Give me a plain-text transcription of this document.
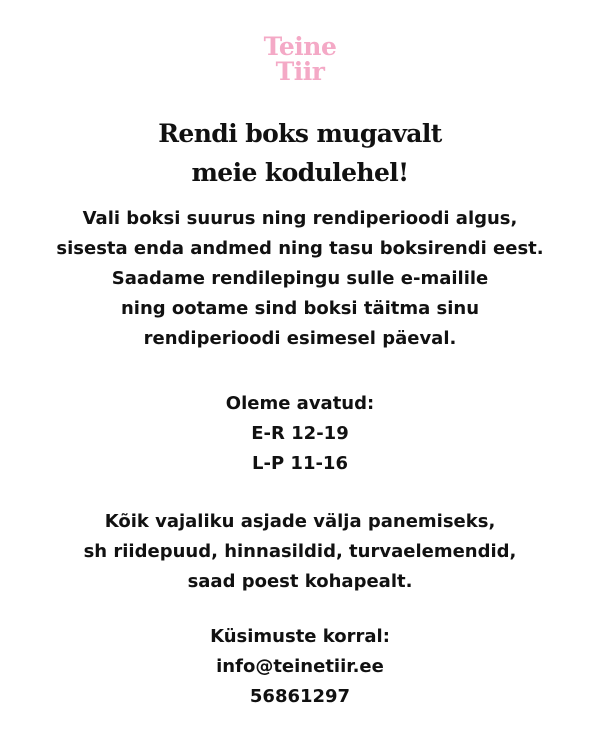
Teine
Tiir
Rendi boks mugavalt
meie kodulehel!
Vali boksi suurus ning rendiperioodi algus,
sisesta enda andmed ning tasu boksirendi eest.
Saadame rendilepingu sulle e-mailile
ning ootame sind boksi täitma sinu
rendiperioodi esimesel päeval.
Oleme avatud:
E-R 12-19
L-P 11-16
Kõik vajaliku asjade välja panemiseks,
sh riidepuud, hinnasildid, turvaelemendid,
saad poest kohapealt.
Küsimuste korral:
info@teinetiir.ee
56861297
